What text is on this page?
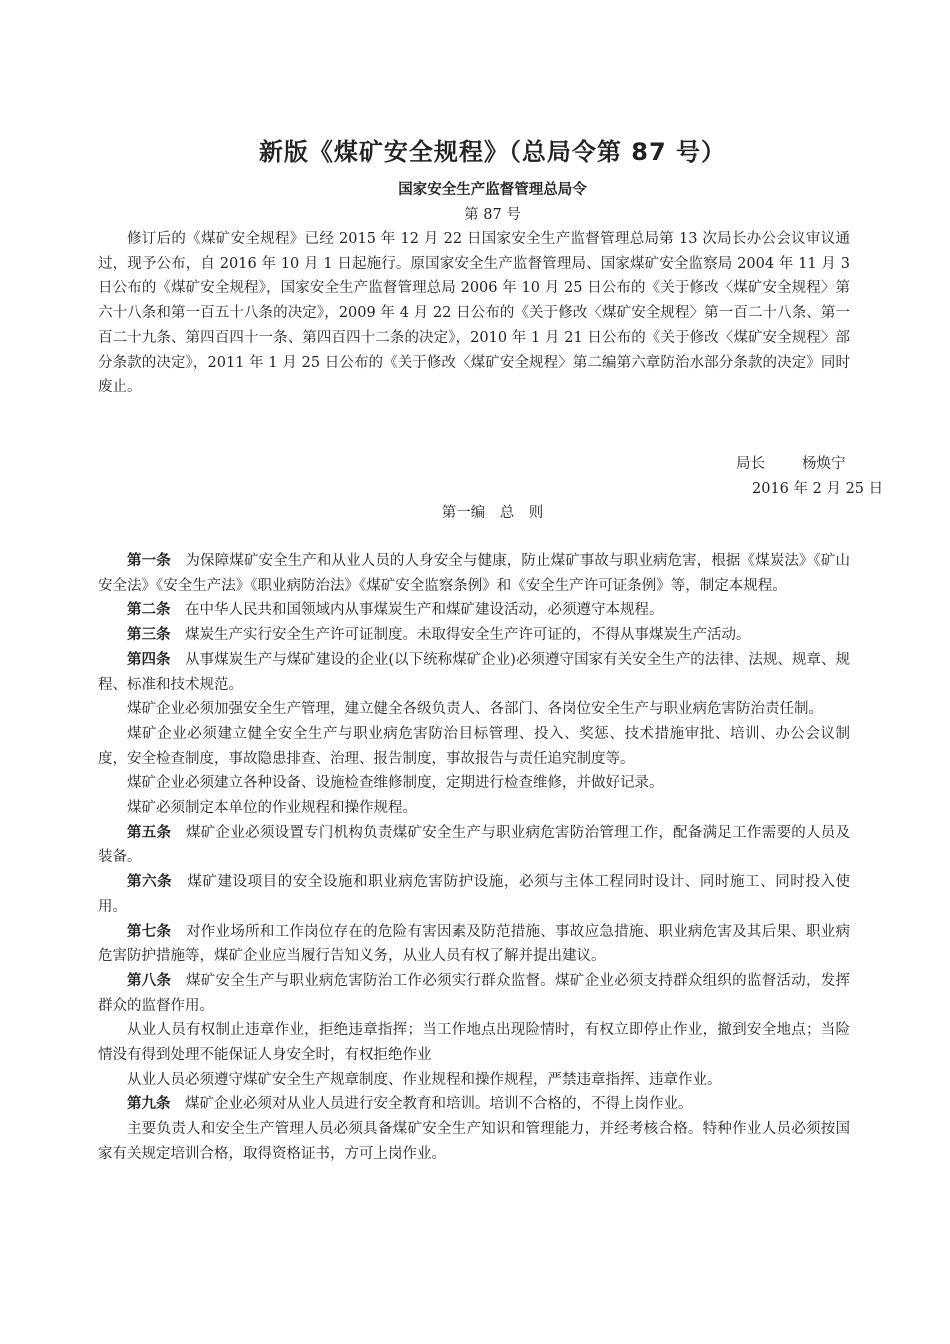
新版《煤矿安全规程》（总局令第 87 号）
国家安全生产监督管理总局令
第 87 号

修订后的《煤矿安全规程》已经 2015 年 12 月 22 日国家安全生产监督管理总局第 13 次局长办公会议审议通过，现予公布，自 2016 年 10 月 1 日起施行。原国家安全生产监督管理局、国家煤矿安全监察局 2004 年 11 月 3 日公布的《煤矿安全规程》，国家安全生产监督管理总局 2006 年 10 月 25 日公布的《关于修改〈煤矿安全规程〉第六十八条和第一百五十八条的决定》，2009 年 4 月 22 日公布的《关于修改〈煤矿安全规程〉第一百二十八条、第一百二十九条、第四百四十一条、第四百四十二条的决定》，2010 年 1 月 21 日公布的《关于修改〈煤矿安全规程〉部分条款的决定》，2011 年 1 月 25 日公布的《关于修改〈煤矿安全规程〉第二编第六章防治水部分条款的决定》同时废止。

局长	杨焕宁
2016 年 2 月 25 日
第一编　总　则

第一条  为保障煤矿安全生产和从业人员的人身安全与健康，防止煤矿事故与职业病危害，根据《煤炭法》《矿山安全法》《安全生产法》《职业病防治法》《煤矿安全监察条例》和《安全生产许可证条例》等，制定本规程。

第二条  在中华人民共和国领域内从事煤炭生产和煤矿建设活动，必须遵守本规程。

第三条  煤炭生产实行安全生产许可证制度。未取得安全生产许可证的，不得从事煤炭生产活动。

第四条  从事煤炭生产与煤矿建设的企业(以下统称煤矿企业)必须遵守国家有关安全生产的法律、法规、规章、规程、标准和技术规范。

煤矿企业必须加强安全生产管理，建立健全各级负责人、各部门、各岗位安全生产与职业病危害防治责任制。

煤矿企业必须建立健全安全生产与职业病危害防治目标管理、投入、奖惩、技术措施审批、培训、办公会议制度，安全检查制度，事故隐患排查、治理、报告制度，事故报告与责任追究制度等。

煤矿企业必须建立各种设备、设施检查维修制度，定期进行检查维修，并做好记录。

煤矿必须制定本单位的作业规程和操作规程。

第五条  煤矿企业必须设置专门机构负责煤矿安全生产与职业病危害防治管理工作，配备满足工作需要的人员及装备。

第六条  煤矿建设项目的安全设施和职业病危害防护设施，必须与主体工程同时设计、同时施工、同时投入使用。

第七条  对作业场所和工作岗位存在的危险有害因素及防范措施、事故应急措施、职业病危害及其后果、职业病危害防护措施等，煤矿企业应当履行告知义务，从业人员有权了解并提出建议。

第八条  煤矿安全生产与职业病危害防治工作必须实行群众监督。煤矿企业必须支持群众组织的监督活动，发挥群众的监督作用。

从业人员有权制止违章作业，拒绝违章指挥；当工作地点出现险情时，有权立即停止作业，撤到安全地点；当险情没有得到处理不能保证人身安全时，有权拒绝作业

从业人员必须遵守煤矿安全生产规章制度、作业规程和操作规程，严禁违章指挥、违章作业。

第九条  煤矿企业必须对从业人员进行安全教育和培训。培训不合格的，不得上岗作业。

主要负责人和安全生产管理人员必须具备煤矿安全生产知识和管理能力，并经考核合格。特种作业人员必须按国家有关规定培训合格，取得资格证书，方可上岗作业。
